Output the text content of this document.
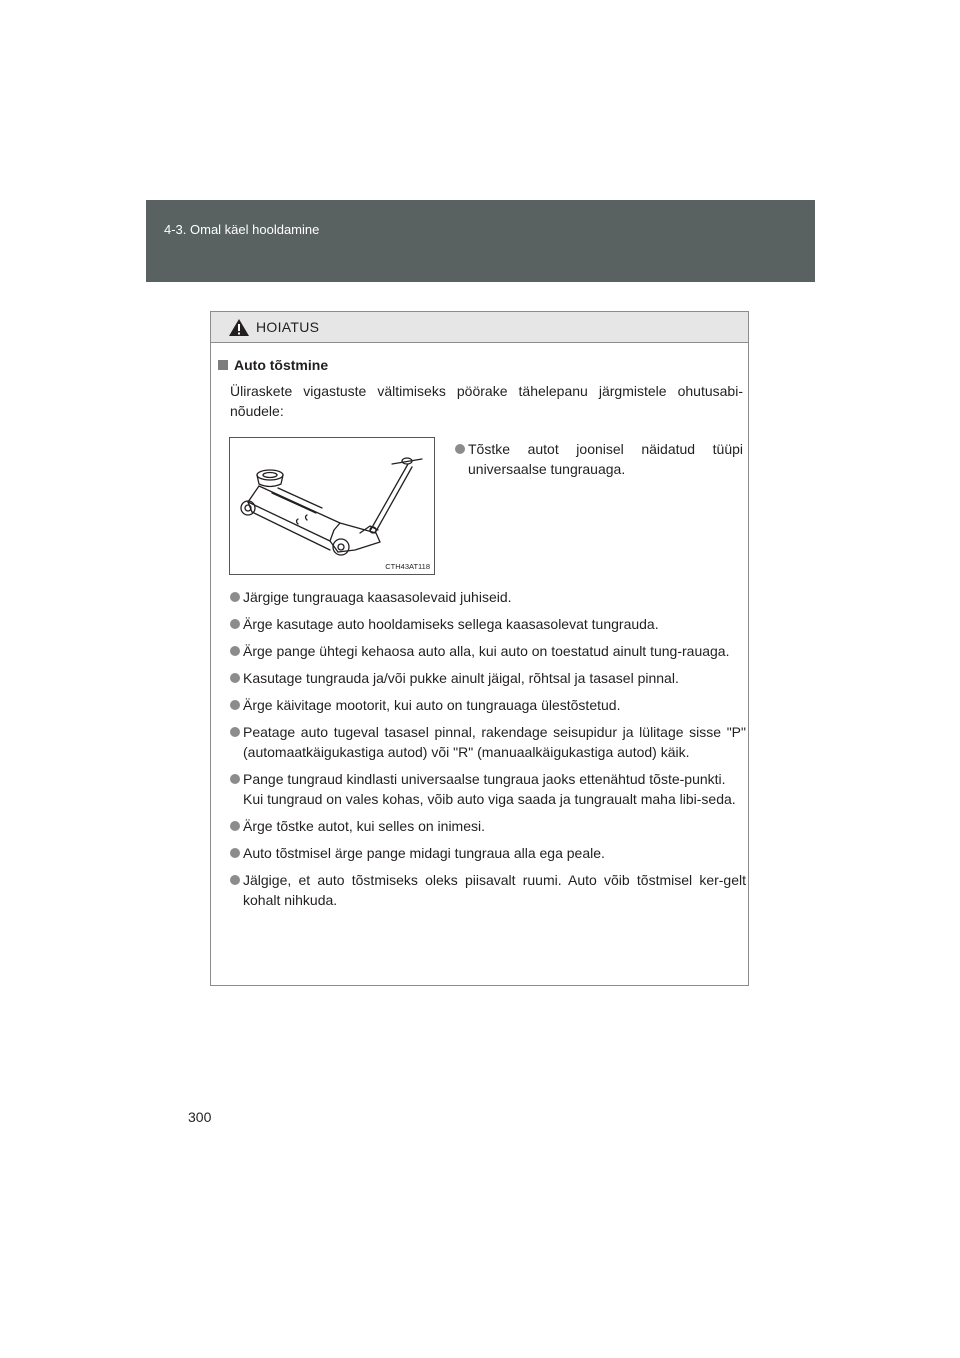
4-3. Omal käel hooldamine
HOIATUS
Auto tõstmine
Üliraskete vigastuste vältimiseks pöörake tähelepanu järgmistele ohutusabi-nõudele:
CTH43AT118
Tõstke autot joonisel näidatud tüüpi universaalse tungrauaga.
Järgige tungrauaga kaasasolevaid juhiseid.
Ärge kasutage auto hooldamiseks sellega kaasasolevat tungrauda.
Ärge pange ühtegi kehaosa auto alla, kui auto on toestatud ainult tung-rauaga.
Kasutage tungrauda ja/või pukke ainult jäigal, rõhtsal ja tasasel pinnal.
Ärge käivitage mootorit, kui auto on tungrauaga ülestõstetud.
Peatage auto tugeval tasasel pinnal, rakendage seisupidur ja lülitage sisse "P" (automaatkäigukastiga autod) või "R" (manuaalkäigukastiga autod) käik.
Pange tungraud kindlasti universaalse tungraua jaoks ettenähtud tõste-punkti.
Kui tungraud on vales kohas, võib auto viga saada ja tungraualt maha libi-seda.
Ärge tõstke autot, kui selles on inimesi.
Auto tõstmisel ärge pange midagi tungraua alla ega peale.
Jälgige, et auto tõstmiseks oleks piisavalt ruumi. Auto võib tõstmisel ker-gelt kohalt nihkuda.
300
